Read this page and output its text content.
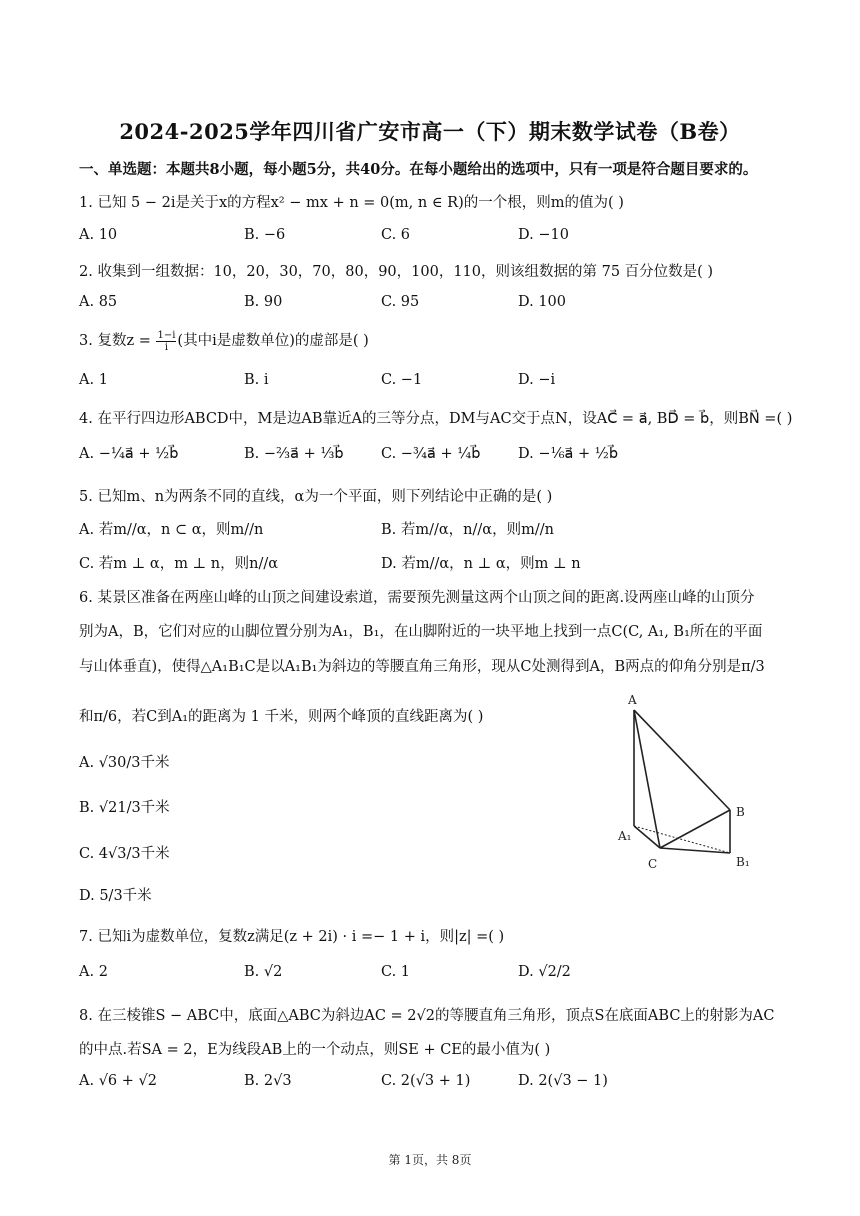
2024-2025学年四川省广安市高一（下）期末数学试卷（B卷）
一、单选题：本题共8小题，每小题5分，共40分。在每小题给出的选项中，只有一项是符合题目要求的。
1. 已知 5 − 2i是关于x的方程x² − mx + n = 0(m, n ∈ R)的一个根，则m的值为( )
A. 10	B. −6	C. 6	D. −10
2. 收集到一组数据：10，20，30，70，80，90，100，110，则该组数据的第 75 百分位数是( )
A. 85	B. 90	C. 95	D. 100
3. 复数$z = \frac{1-i}{i}$ (其中i是虚数单位)的虚部是( )
A. 1	B. i	C. −1	D. −i
4. 在平行四边形ABCD中，M是边AB靠近A的三等分点，DM与AC交于点N，设AC⃗ = a⃗, BD⃗ = b⃗，则BN⃗ =( )
A. −¼a⃗ + ½b⃗	B. −⅔a⃗ + ⅓b⃗	C. −¾a⃗ + ¼b⃗	D. −⅙a⃗ + ½b⃗
5. 已知m、n为两条不同的直线，α为一个平面，则下列结论中正确的是( )
A. 若m//α，n ⊂ α，则m//n	B. 若m//α，n//α，则m//n
C. 若m ⊥ α，m ⊥ n，则n//α	D. 若m//α，n ⊥ α，则m ⊥ n
6. 某景区准备在两座山峰的山顶之间建设索道，需要预先测量这两个山顶之间的距离.设两座山峰的山顶分
别为A，B，它们对应的山脚位置分别为A₁，B₁，在山脚附近的一块平地上找到一点C(C, A₁, B₁所在的平面
与山体垂直)，使得△A₁B₁C是以A₁B₁为斜边的等腰直角三角形，现从C处测得到A，B两点的仰角分别是π/3
和π/6，若C到A₁的距离为 1 千米，则两个峰顶的直线距离为( )
A. √30/3千米
B. √21/3千米
C. 4√3/3千米
D. 5/3千米
A
B
A₁
C	B₁
7. 已知i为虚数单位，复数z满足(z + 2i) · i =− 1 + i，则|z| =( )
A. 2	B. √2	C. 1	D. √2/2
8. 在三棱锥S − ABC中，底面△ABC为斜边AC = 2√2的等腰直角三角形，顶点S在底面ABC上的射影为AC
的中点.若SA = 2，E为线段AB上的一个动点，则SE + CE的最小值为( )
A. √6 + √2	B. 2√3	C. 2(√3 + 1)	D. 2(√3 − 1)
第 1页，共 8页
